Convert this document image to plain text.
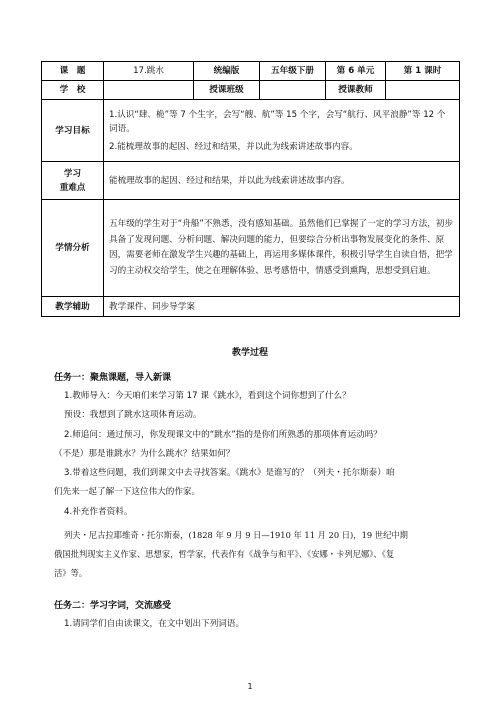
课　题	17.跳水	统编版	五年级下册	第 6 单元	第 1 课时
学　校		授课班级		授课教师	
学习目标	1.认识“肆、桅”等 7 个生字，会写“艘、航”等 15 个字，会写“航行、风平浪静”等 12 个词语。

2.能梳理故事的起因、经过和结果，并以此为线索讲述故事内容。				

学习
重难点	能梳理故事的起因、经过和结果，并以此为线索讲述故事内容。				
学情分析	五年级的学生对于“舟船”不熟悉，没有感知基础。虽然他们已掌握了一定的学习方法，初步具备了发现问题、分析问题、解决问题的能力，但要综合分析出事物发展变化的条件、原因，需要老师在激发学生兴趣的基础上，再运用多媒体课件，积极引导学生自读自悟，把学习的主动权交给学生，使之在理解体验、思考感悟中，情感受到熏陶，思想受到启迪。				
教学辅助	教学课件、同步导学案				
教学过程
任务一：聚焦课题，导入新课
1.教师导入：今天咱们来学习第 17 课《跳水》，看到这个词你想到了什么？
预设：我想到了跳水这项体育运动。
2.师追问：通过预习，你发现课文中的“跳水”指的是你们所熟悉的那项体育运动吗？
（不是）那是谁跳水？为什么跳水？结果如何？
3.带着这些问题，我们到课文中去寻找答案。《跳水》是谁写的？（列夫・托尔斯泰）咱
们先来一起了解一下这位伟大的作家。
4.补充作者资料。
列夫・尼古拉耶维奇・托尔斯泰，(1828 年 9 月 9 日—1910 年 11 月 20 日)，19 世纪中期
俄国批判现实主义作家、思想家，哲学家，代表作有《战争与和平》、《安娜・卡列尼娜》、《复
活》等。
任务二：学习字词，交流感受
1.请同学们自由读课文，在文中划出下列词语。
1
